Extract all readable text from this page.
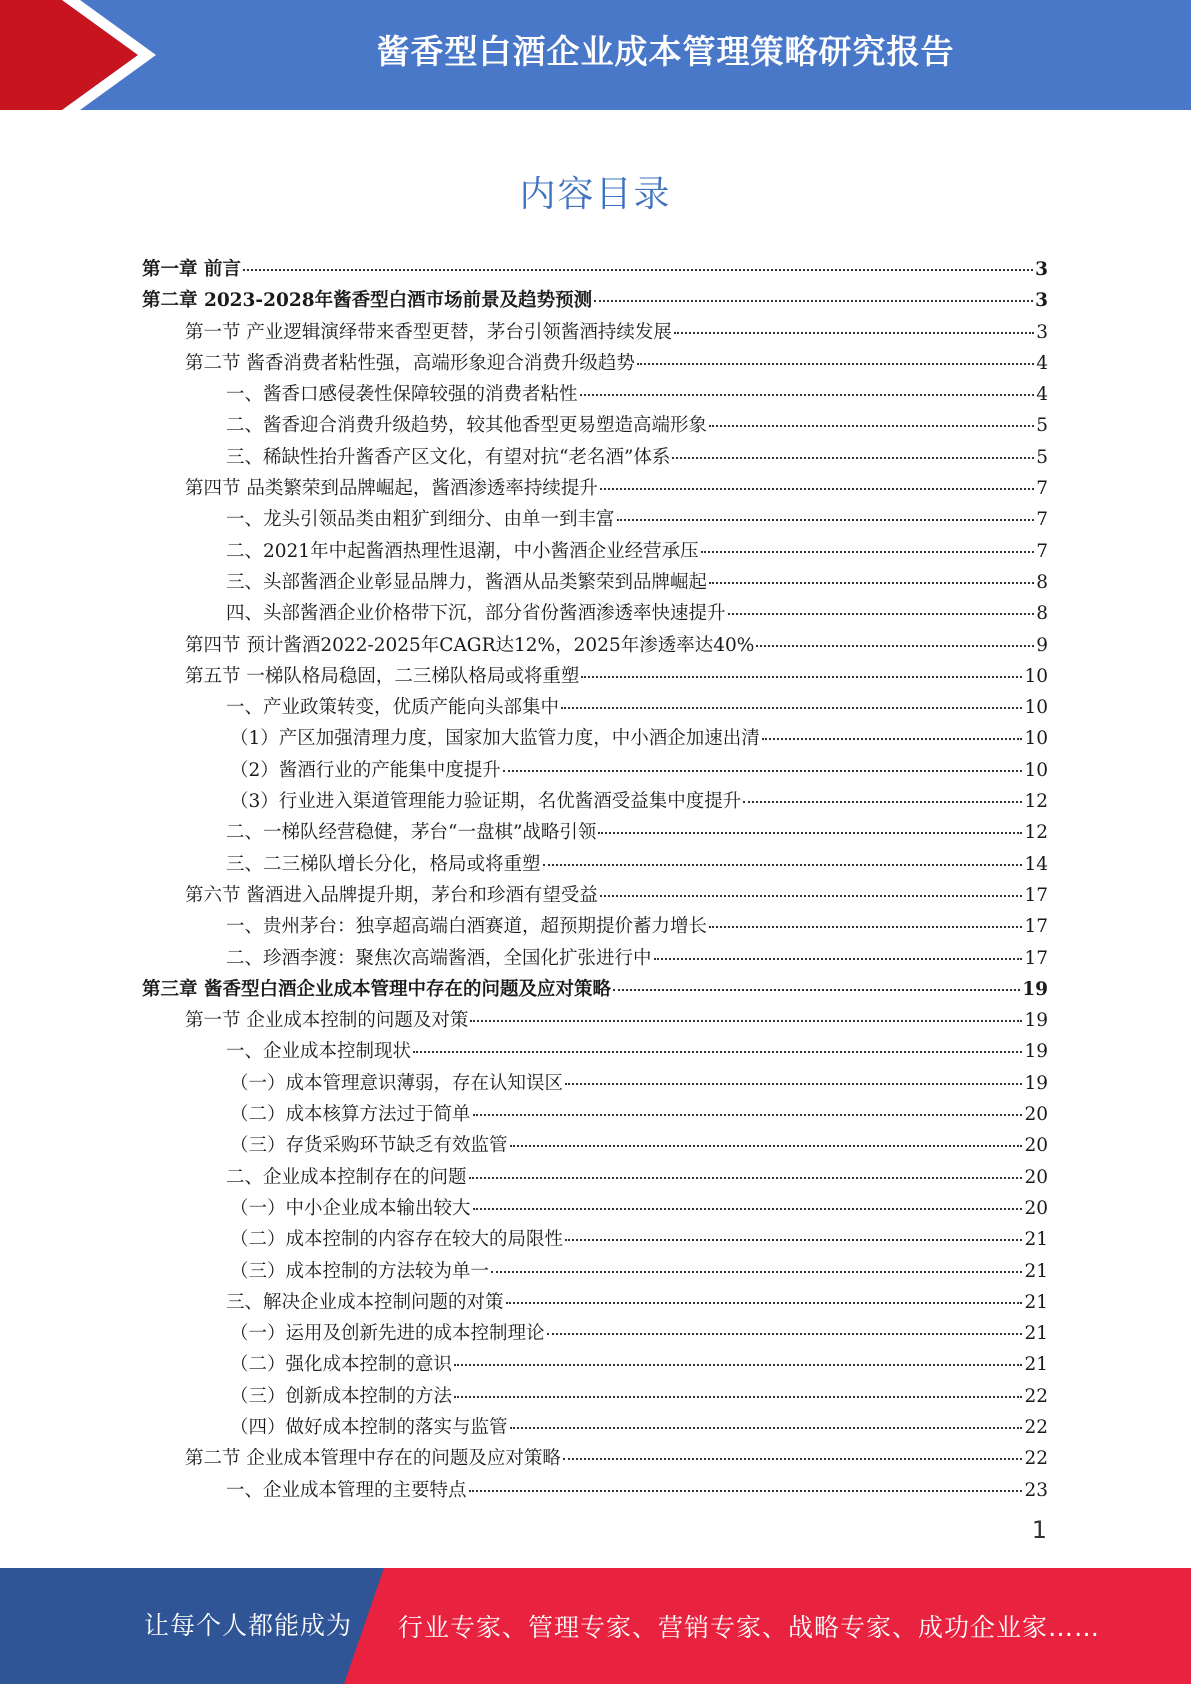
酱香型白酒企业成本管理策略研究报告
内容目录
第一章 前言	3
第二章 2023-2028年酱香型白酒市场前景及趋势预测	3
第一节 产业逻辑演绎带来香型更替，茅台引领酱酒持续发展	3
第二节 酱香消费者粘性强，高端形象迎合消费升级趋势	4
一、酱香口感侵袭性保障较强的消费者粘性	4
二、酱香迎合消费升级趋势，较其他香型更易塑造高端形象	5
三、稀缺性抬升酱香产区文化，有望对抗“老名酒”体系	5
第四节 品类繁荣到品牌崛起，酱酒渗透率持续提升	7
一、龙头引领品类由粗犷到细分、由单一到丰富	7
二、2021年中起酱酒热理性退潮，中小酱酒企业经营承压	7
三、头部酱酒企业彰显品牌力，酱酒从品类繁荣到品牌崛起	8
四、头部酱酒企业价格带下沉，部分省份酱酒渗透率快速提升	8
第四节 预计酱酒2022-2025年CAGR达12%，2025年渗透率达40%	9
第五节 一梯队格局稳固，二三梯队格局或将重塑	10
一、产业政策转变，优质产能向头部集中	10
（1）产区加强清理力度，国家加大监管力度，中小酒企加速出清	10
（2）酱酒行业的产能集中度提升	10
（3）行业进入渠道管理能力验证期，名优酱酒受益集中度提升	12
二、一梯队经营稳健，茅台“一盘棋”战略引领	12
三、二三梯队增长分化，格局或将重塑	14
第六节 酱酒进入品牌提升期，茅台和珍酒有望受益	17
一、贵州茅台：独享超高端白酒赛道，超预期提价蓄力增长	17
二、珍酒李渡：聚焦次高端酱酒，全国化扩张进行中	17
第三章 酱香型白酒企业成本管理中存在的问题及应对策略	19
第一节 企业成本控制的问题及对策	19
一、企业成本控制现状	19
（一）成本管理意识薄弱，存在认知误区	19
（二）成本核算方法过于简单	20
（三）存货采购环节缺乏有效监管	20
二、企业成本控制存在的问题	20
（一）中小企业成本输出较大	20
（二）成本控制的内容存在较大的局限性	21
（三）成本控制的方法较为单一	21
三、解决企业成本控制问题的对策	21
（一）运用及创新先进的成本控制理论	21
（二）强化成本控制的意识	21
（三）创新成本控制的方法	22
（四）做好成本控制的落实与监管	22
第二节 企业成本管理中存在的问题及应对策略	22
一、企业成本管理的主要特点	23
1
让每个人都能成为 行业专家、管理专家、营销专家、战略专家、成功企业家……
